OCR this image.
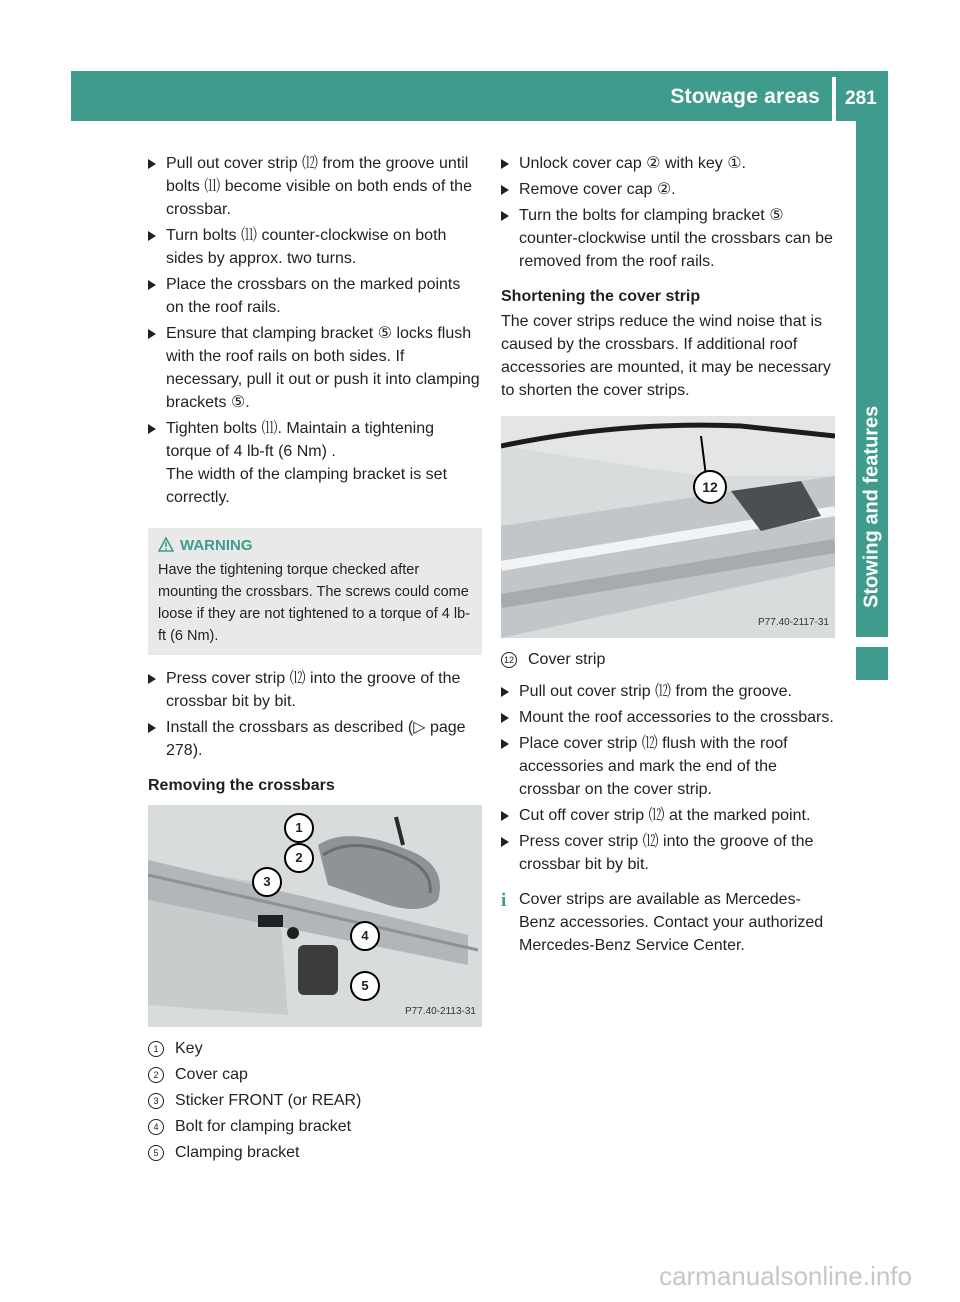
Stowage areas 281
Stowing and features
Pull out cover strip ⑿ from the groove until bolts ⑾ become visible on both ends of the crossbar.
Turn bolts ⑾ counter-clockwise on both sides by approx. two turns.
Place the crossbars on the marked points on the roof rails.
Ensure that clamping bracket ⑤ locks flush with the roof rails on both sides. If necessary, pull it out or push it into clamping brackets ⑤.
Tighten bolts ⑾. Maintain a tightening torque of 4 lb-ft (6 Nm) .
The width of the clamping bracket is set correctly.
WARNING
Have the tightening torque checked after mounting the crossbars. The screws could come loose if they are not tightened to a torque of 4 lb-ft (6 Nm).
Press cover strip ⑿ into the groove of the crossbar bit by bit.
Install the crossbars as described (▷ page 278).
Removing the crossbars
1
2
3
4
5
P77.40-2113-31
1	Key
2	Cover cap
3	Sticker FRONT (or REAR)
4	Bolt for clamping bracket
5	Clamping bracket
Unlock cover cap ② with key ①.
Remove cover cap ②.
Turn the bolts for clamping bracket ⑤ counter-clockwise until the crossbars can be removed from the roof rails.
Shortening the cover strip
The cover strips reduce the wind noise that is caused by the crossbars. If additional roof accessories are mounted, it may be necessary to shorten the cover strips.
12
P77.40-2117-31
12 Cover strip
Pull out cover strip ⑿ from the groove.
Mount the roof accessories to the crossbars.
Place cover strip ⑿ flush with the roof accessories and mark the end of the crossbar on the cover strip.
Cut off cover strip ⑿ at the marked point.
Press cover strip ⑿ into the groove of the crossbar bit by bit.
i Cover strips are available as Mercedes-Benz accessories. Contact your authorized Mercedes-Benz Service Center.
carmanualsonline.info
